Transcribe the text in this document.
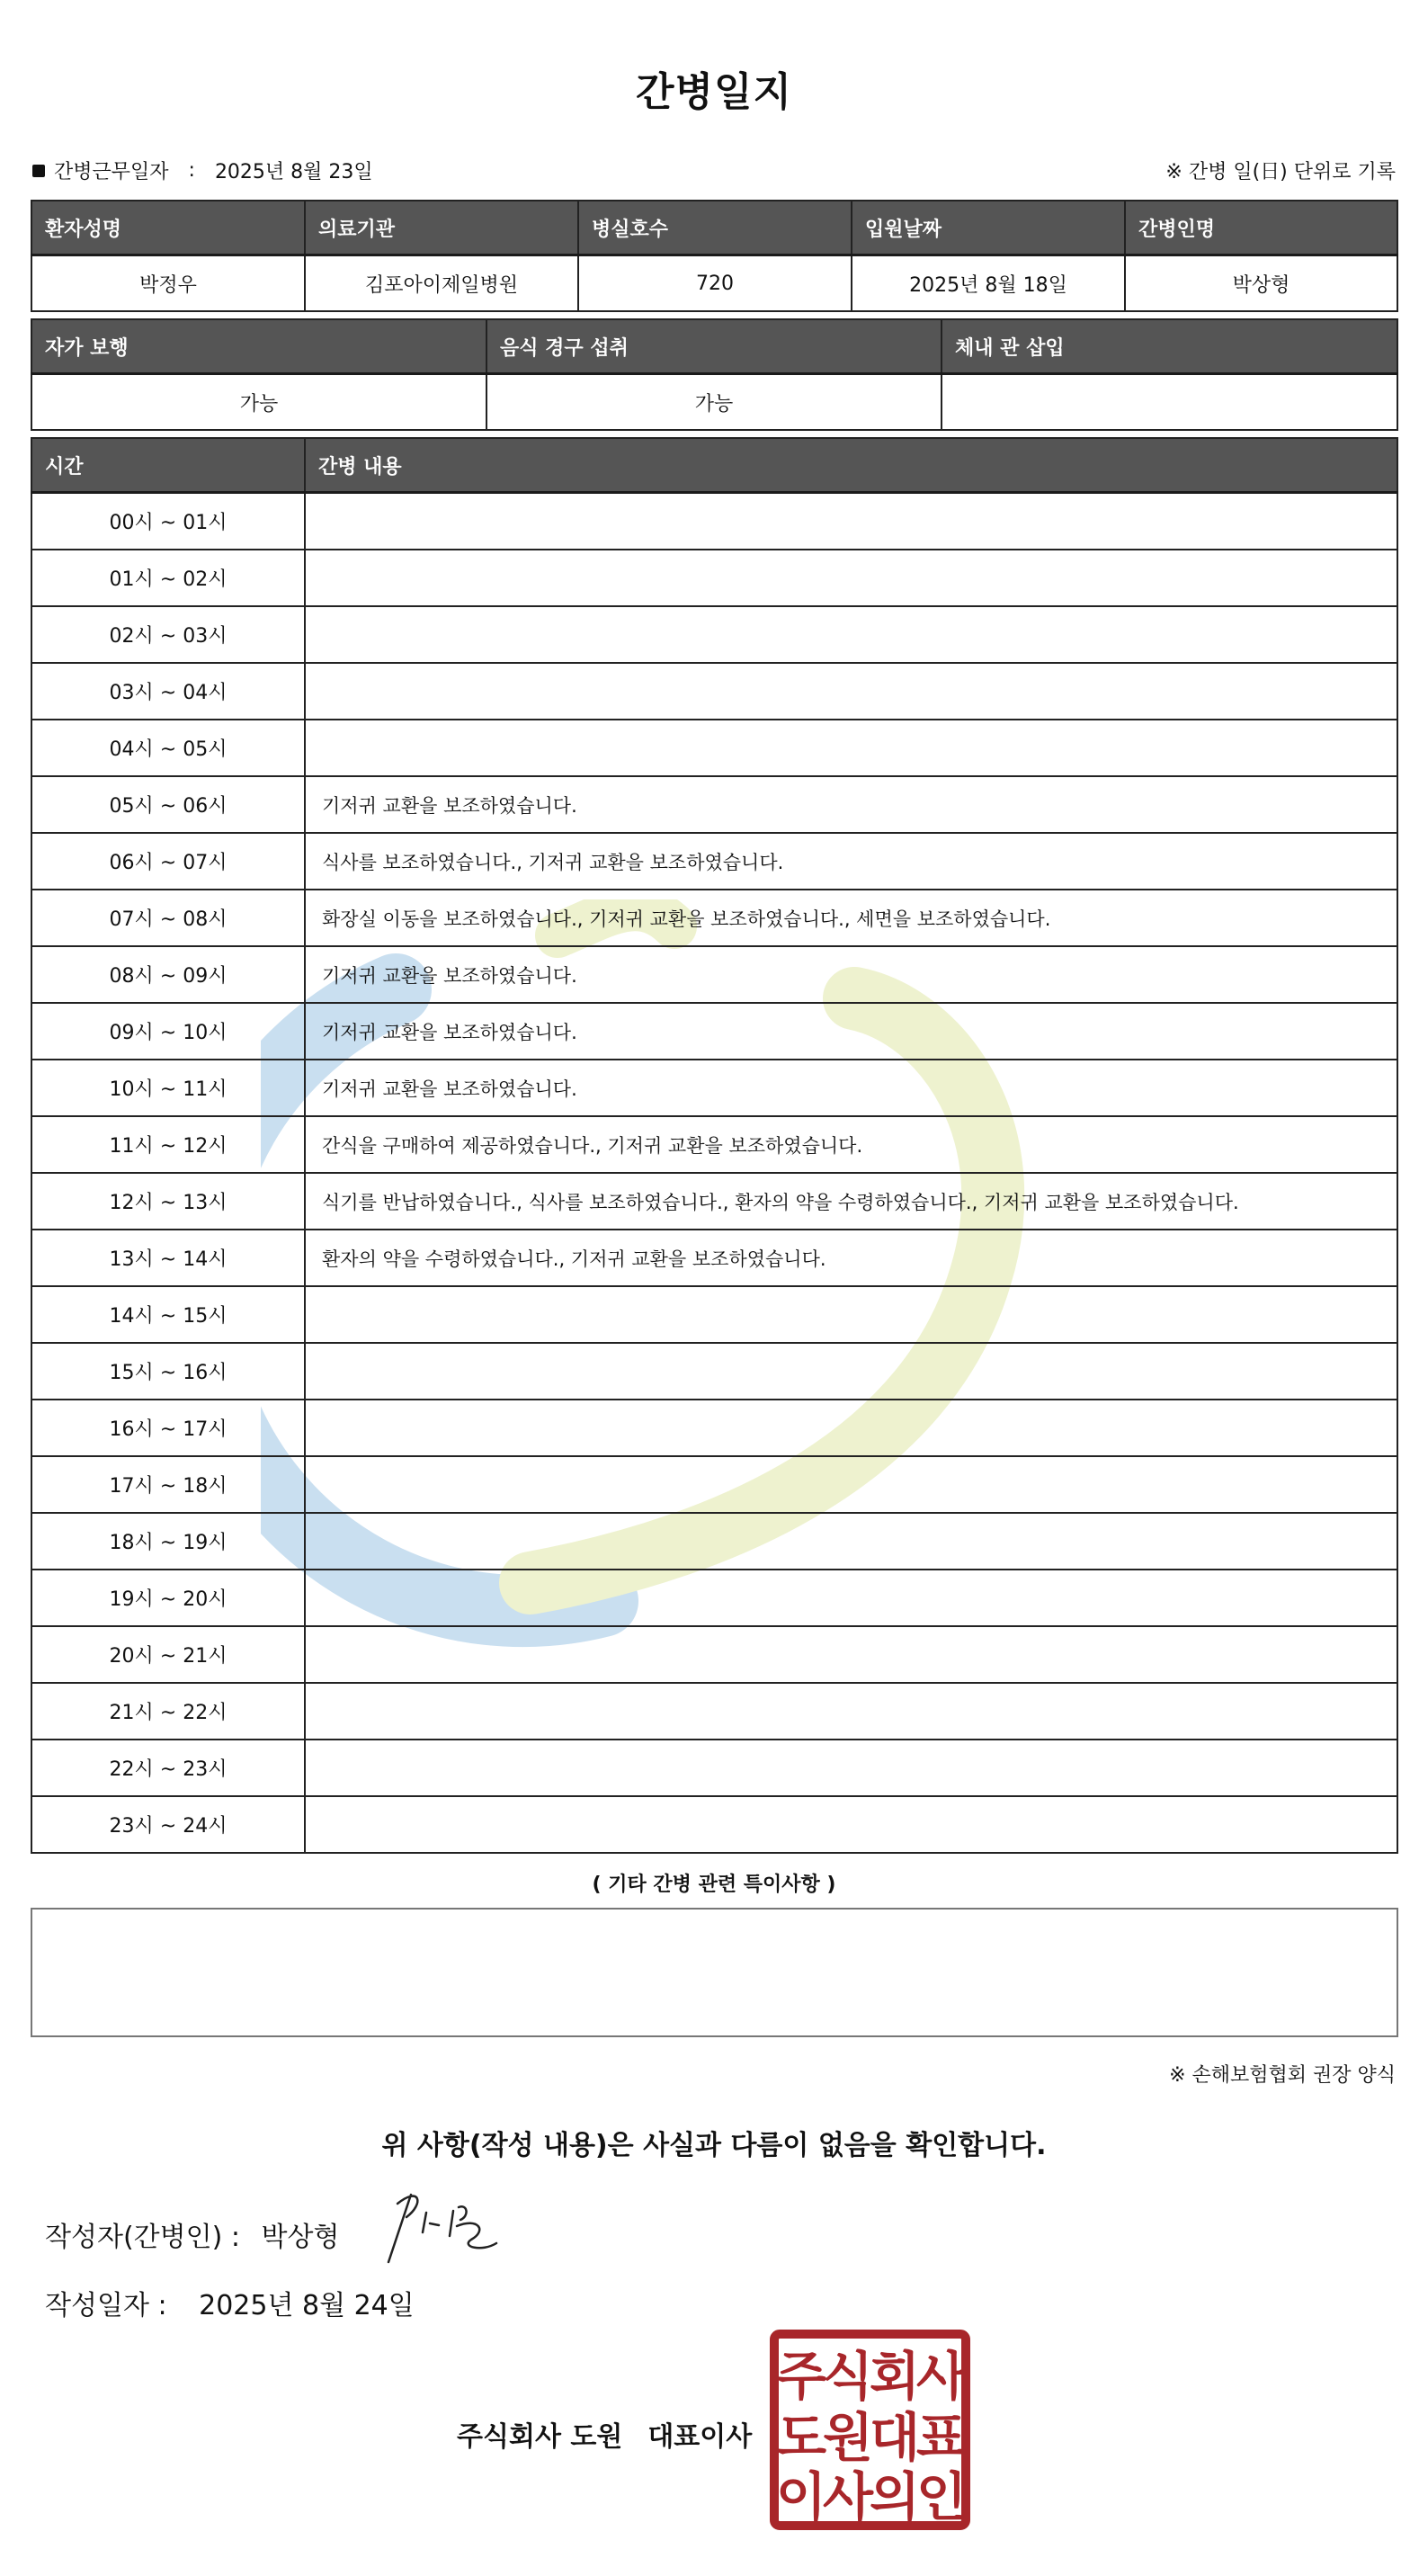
간병일지
간병근무일자 : 2025년 8월 23일	※ 간병 일(日) 단위로 기록
환자성명	의료기관	병실호수	입원날짜	간병인명
박정우	김포아이제일병원	720	2025년 8월 18일	박상형
자가 보행	음식 경구 섭취	체내 관 삽입
가능	가능	
시간	간병 내용
00시 ~ 01시	
01시 ~ 02시	
02시 ~ 03시	
03시 ~ 04시	
04시 ~ 05시	
05시 ~ 06시	기저귀 교환을 보조하였습니다.
06시 ~ 07시	식사를 보조하였습니다., 기저귀 교환을 보조하였습니다.
07시 ~ 08시	화장실 이동을 보조하였습니다., 기저귀 교환을 보조하였습니다., 세면을 보조하였습니다.
08시 ~ 09시	기저귀 교환을 보조하였습니다.
09시 ~ 10시	기저귀 교환을 보조하였습니다.
10시 ~ 11시	기저귀 교환을 보조하였습니다.
11시 ~ 12시	간식을 구매하여 제공하였습니다., 기저귀 교환을 보조하였습니다.
12시 ~ 13시	식기를 반납하였습니다., 식사를 보조하였습니다., 환자의 약을 수령하였습니다., 기저귀 교환을 보조하였습니다.
13시 ~ 14시	환자의 약을 수령하였습니다., 기저귀 교환을 보조하였습니다.
14시 ~ 15시	
15시 ~ 16시	
16시 ~ 17시	
17시 ~ 18시	
18시 ~ 19시	
19시 ~ 20시	
20시 ~ 21시	
21시 ~ 22시	
22시 ~ 23시	
23시 ~ 24시	
( 기타 간병 관련 특이사항 )
※ 손해보험협회 권장 양식
위 사항(작성 내용)은 사실과 다름이 없음을 확인합니다.
작성자(간병인) : 박상형
작성일자 : 2025년 8월 24일
주식회사 도원 대표이사
주식회사
도원대표
이사의인
